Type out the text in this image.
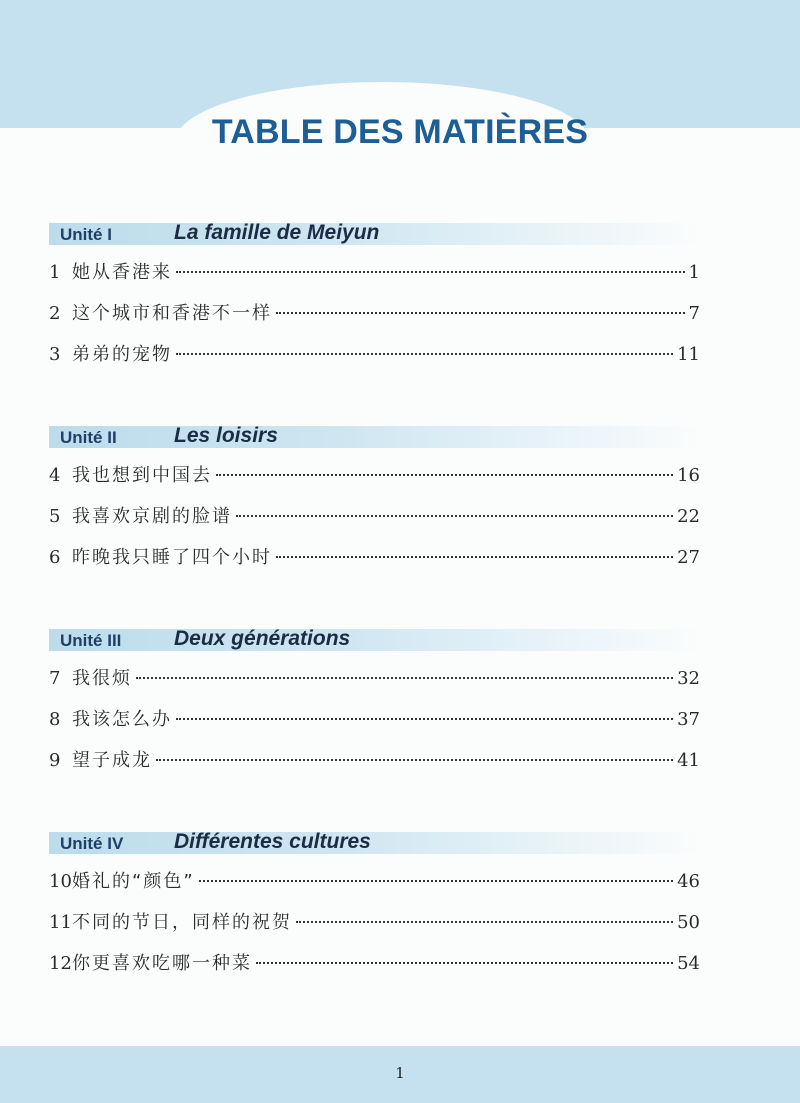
TABLE DES MATIÈRES
Unité I	La famille de Meiyun
1 她从香港来	1
2 这个城市和香港不一样	7
3 弟弟的宠物	11
Unité II	Les loisirs
4 我也想到中国去	16
5 我喜欢京剧的脸谱	22
6 昨晚我只睡了四个小时	27
Unité III	Deux générations
7 我很烦	32
8 我该怎么办	37
9 望子成龙	41
Unité IV Différentes cultures
10 婚礼的“颜色”	46
11 不同的节日，同样的祝贺	50
12 你更喜欢吃哪一种菜	54
1
